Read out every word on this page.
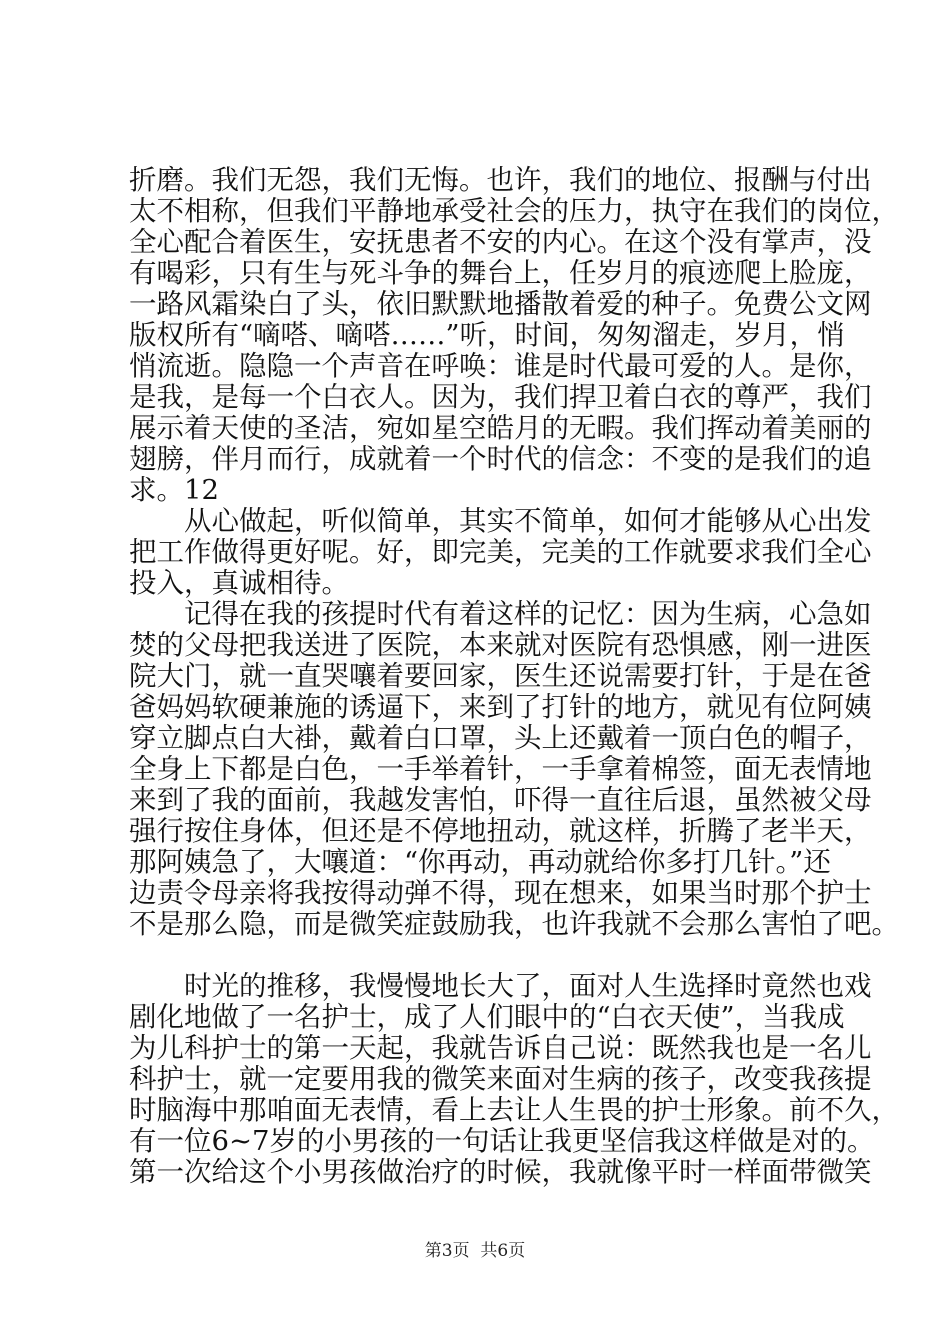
折磨。我们无怨，我们无悔。也许，我们的地位、报酬与付出
太不相称，但我们平静地承受社会的压力，执守在我们的岗位，
全心配合着医生，安抚患者不安的内心。在这个没有掌声，没
有喝彩，只有生与死斗争的舞台上，任岁月的痕迹爬上脸庞，
一路风霜染白了头，依旧默默地播散着爱的种子。免费公文网
版权所有“嘀嗒、嘀嗒……”听，时间，匆匆溜走，岁月，悄
悄流逝。隐隐一个声音在呼唤：谁是时代最可爱的人。是你，
是我，是每一个白衣人。因为，我们捍卫着白衣的尊严，我们
展示着天使的圣洁，宛如星空皓月的无暇。我们挥动着美丽的
翅膀，伴月而行，成就着一个时代的信念：不变的是我们的追
求。12
从心做起，听似简单，其实不简单，如何才能够从心出发
把工作做得更好呢。好，即完美，完美的工作就要求我们全心
投入，真诚相待。
记得在我的孩提时代有着这样的记忆：因为生病，心急如
焚的父母把我送进了医院，本来就对医院有恐惧感，刚一进医
院大门，就一直哭嚷着要回家，医生还说需要打针，于是在爸
爸妈妈软硬兼施的诱逼下，来到了打针的地方，就见有位阿姨
穿立脚点白大褂，戴着白口罩，头上还戴着一顶白色的帽子，
全身上下都是白色，一手举着针，一手拿着棉签，面无表情地
来到了我的面前，我越发害怕，吓得一直往后退，虽然被父母
强行按住身体，但还是不停地扭动，就这样，折腾了老半天，
那阿姨急了，大嚷道：“你再动，再动就给你多打几针。”还
边责令母亲将我按得动弹不得，现在想来，如果当时那个护士
不是那么隐，而是微笑症鼓励我，也许我就不会那么害怕了吧。
时光的推移，我慢慢地长大了，面对人生选择时竟然也戏
剧化地做了一名护士，成了人们眼中的“白衣天使”，当我成
为儿科护士的第一天起，我就告诉自己说：既然我也是一名儿
科护士，就一定要用我的微笑来面对生病的孩子，改变我孩提
时脑海中那咱面无表情，看上去让人生畏的护士形象。前不久，
有一位6~7岁的小男孩的一句话让我更坚信我这样做是对的。
第一次给这个小男孩做治疗的时候，我就像平时一样面带微笑
第3页 共6页
